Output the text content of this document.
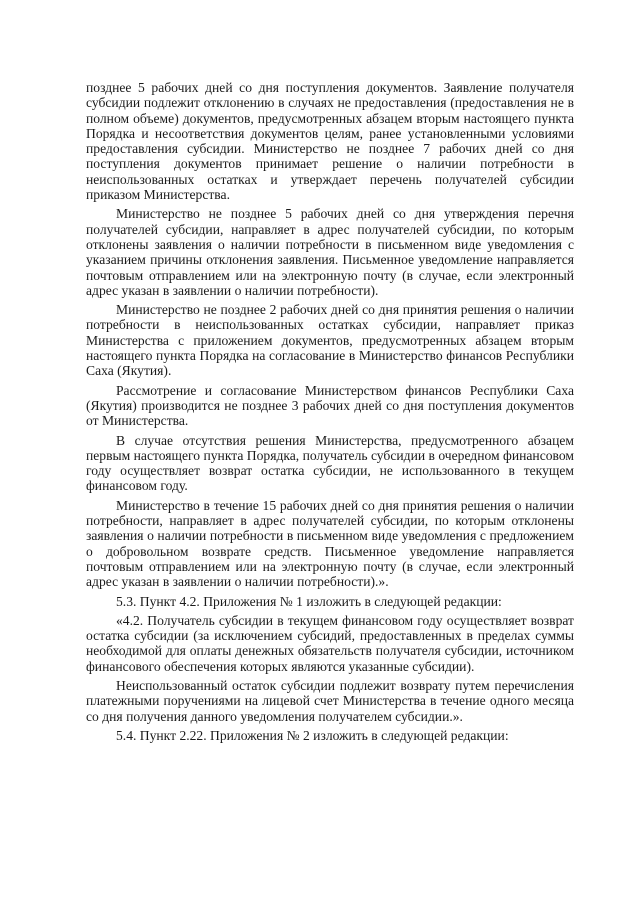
позднее 5 рабочих дней со дня поступления документов. Заявление получателя субсидии подлежит отклонению в случаях не предоставления (предоставления не в полном объеме) документов, предусмотренных абзацем вторым настоящего пункта Порядка и несоответствия документов целям, ранее установленными условиями предоставления субсидии. Министерство не позднее 7 рабочих дней со дня поступления документов принимает решение о наличии потребности в неиспользованных остатках и утверждает перечень получателей субсидии приказом Министерства.

Министерство не позднее 5 рабочих дней со дня утверждения перечня получателей субсидии, направляет в адрес получателей субсидии, по которым отклонены заявления о наличии потребности в письменном виде уведомления с указанием причины отклонения заявления. Письменное уведомление направляется почтовым отправлением или на электронную почту (в случае, если электронный адрес указан в заявлении о наличии потребности).

Министерство не позднее 2 рабочих дней со дня принятия решения о наличии потребности в неиспользованных остатках субсидии, направляет приказ Министерства с приложением документов, предусмотренных абзацем вторым настоящего пункта Порядка на согласование в Министерство финансов Республики Саха (Якутия).

Рассмотрение и согласование Министерством финансов Республики Саха (Якутия) производится не позднее 3 рабочих дней со дня поступления документов от Министерства.

В случае отсутствия решения Министерства, предусмотренного абзацем первым настоящего пункта Порядка, получатель субсидии в очередном финансовом году осуществляет возврат остатка субсидии, не использованного в текущем финансовом году.

Министерство в течение 15 рабочих дней со дня принятия решения о наличии потребности, направляет в адрес получателей субсидии, по которым отклонены заявления о наличии потребности в письменном виде уведомления с предложением о добровольном возврате средств. Письменное уведомление направляется почтовым отправлением или на электронную почту (в случае, если электронный адрес указан в заявлении о наличии потребности).».

5.3. Пункт 4.2. Приложения № 1 изложить в следующей редакции:

«4.2. Получатель субсидии в текущем финансовом году осуществляет возврат остатка субсидии (за исключением субсидий, предоставленных в пределах суммы необходимой для оплаты денежных обязательств получателя субсидии, источником финансового обеспечения которых являются указанные субсидии).

Неиспользованный остаток субсидии подлежит возврату путем перечисления платежными поручениями на лицевой счет Министерства в течение одного месяца со дня получения данного уведомления получателем субсидии.».

5.4. Пункт 2.22. Приложения № 2 изложить в следующей редакции:
